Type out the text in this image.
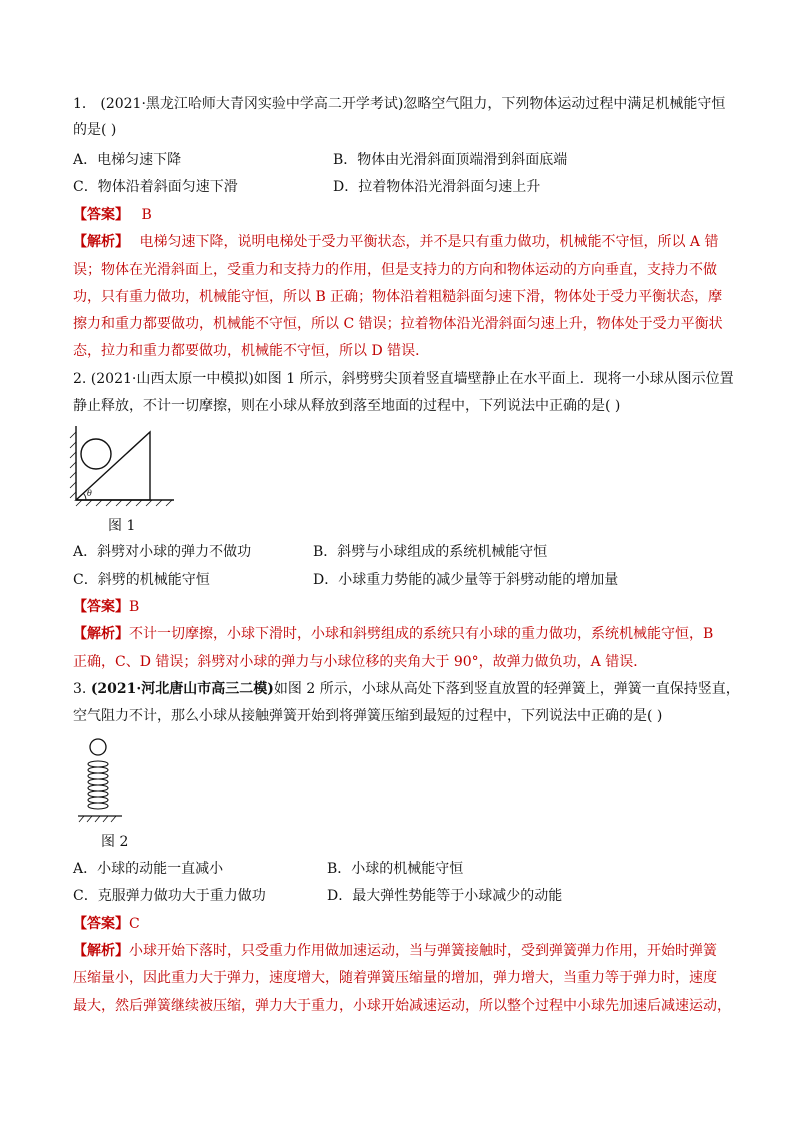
1． (2021·黑龙江哈师大青冈实验中学高二开学考试)忽略空气阻力，下列物体运动过程中满足机械能守恒
的是( )
A．电梯匀速下降	B．物体由光滑斜面顶端滑到斜面底端
C．物体沿着斜面匀速下滑	D．拉着物体沿光滑斜面匀速上升
【答案】 B
【解析】 电梯匀速下降，说明电梯处于受力平衡状态，并不是只有重力做功，机械能不守恒，所以 A 错
误；物体在光滑斜面上，受重力和支持力的作用，但是支持力的方向和物体运动的方向垂直，支持力不做
功，只有重力做功，机械能守恒，所以 B 正确；物体沿着粗糙斜面匀速下滑，物体处于受力平衡状态，摩
擦力和重力都要做功，机械能不守恒，所以 C 错误；拉着物体沿光滑斜面匀速上升，物体处于受力平衡状
态，拉力和重力都要做功，机械能不守恒，所以 D 错误．
2. (2021·山西太原一中模拟)如图 1 所示，斜劈劈尖顶着竖直墙壁静止在水平面上．现将一小球从图示位置
静止释放，不计一切摩擦，则在小球从释放到落至地面的过程中，下列说法中正确的是( )
θ
图 1
A．斜劈对小球的弹力不做功	B．斜劈与小球组成的系统机械能守恒
C．斜劈的机械能守恒	D．小球重力势能的减少量等于斜劈动能的增加量
【答案】B
【解析】不计一切摩擦，小球下滑时，小球和斜劈组成的系统只有小球的重力做功，系统机械能守恒，B
正确，C、D 错误；斜劈对小球的弹力与小球位移的夹角大于 90°，故弹力做负功，A 错误．
3. (2021·河北唐山市高三二模)如图 2 所示，小球从高处下落到竖直放置的轻弹簧上，弹簧一直保持竖直，
空气阻力不计，那么小球从接触弹簧开始到将弹簧压缩到最短的过程中，下列说法中正确的是( )
图 2
A．小球的动能一直减小	B．小球的机械能守恒
C．克服弹力做功大于重力做功	D．最大弹性势能等于小球减少的动能
【答案】C
【解析】小球开始下落时，只受重力作用做加速运动，当与弹簧接触时，受到弹簧弹力作用，开始时弹簧
压缩量小，因此重力大于弹力，速度增大，随着弹簧压缩量的增加，弹力增大，当重力等于弹力时，速度
最大，然后弹簧继续被压缩，弹力大于重力，小球开始减速运动，所以整个过程中小球先加速后减速运动，
